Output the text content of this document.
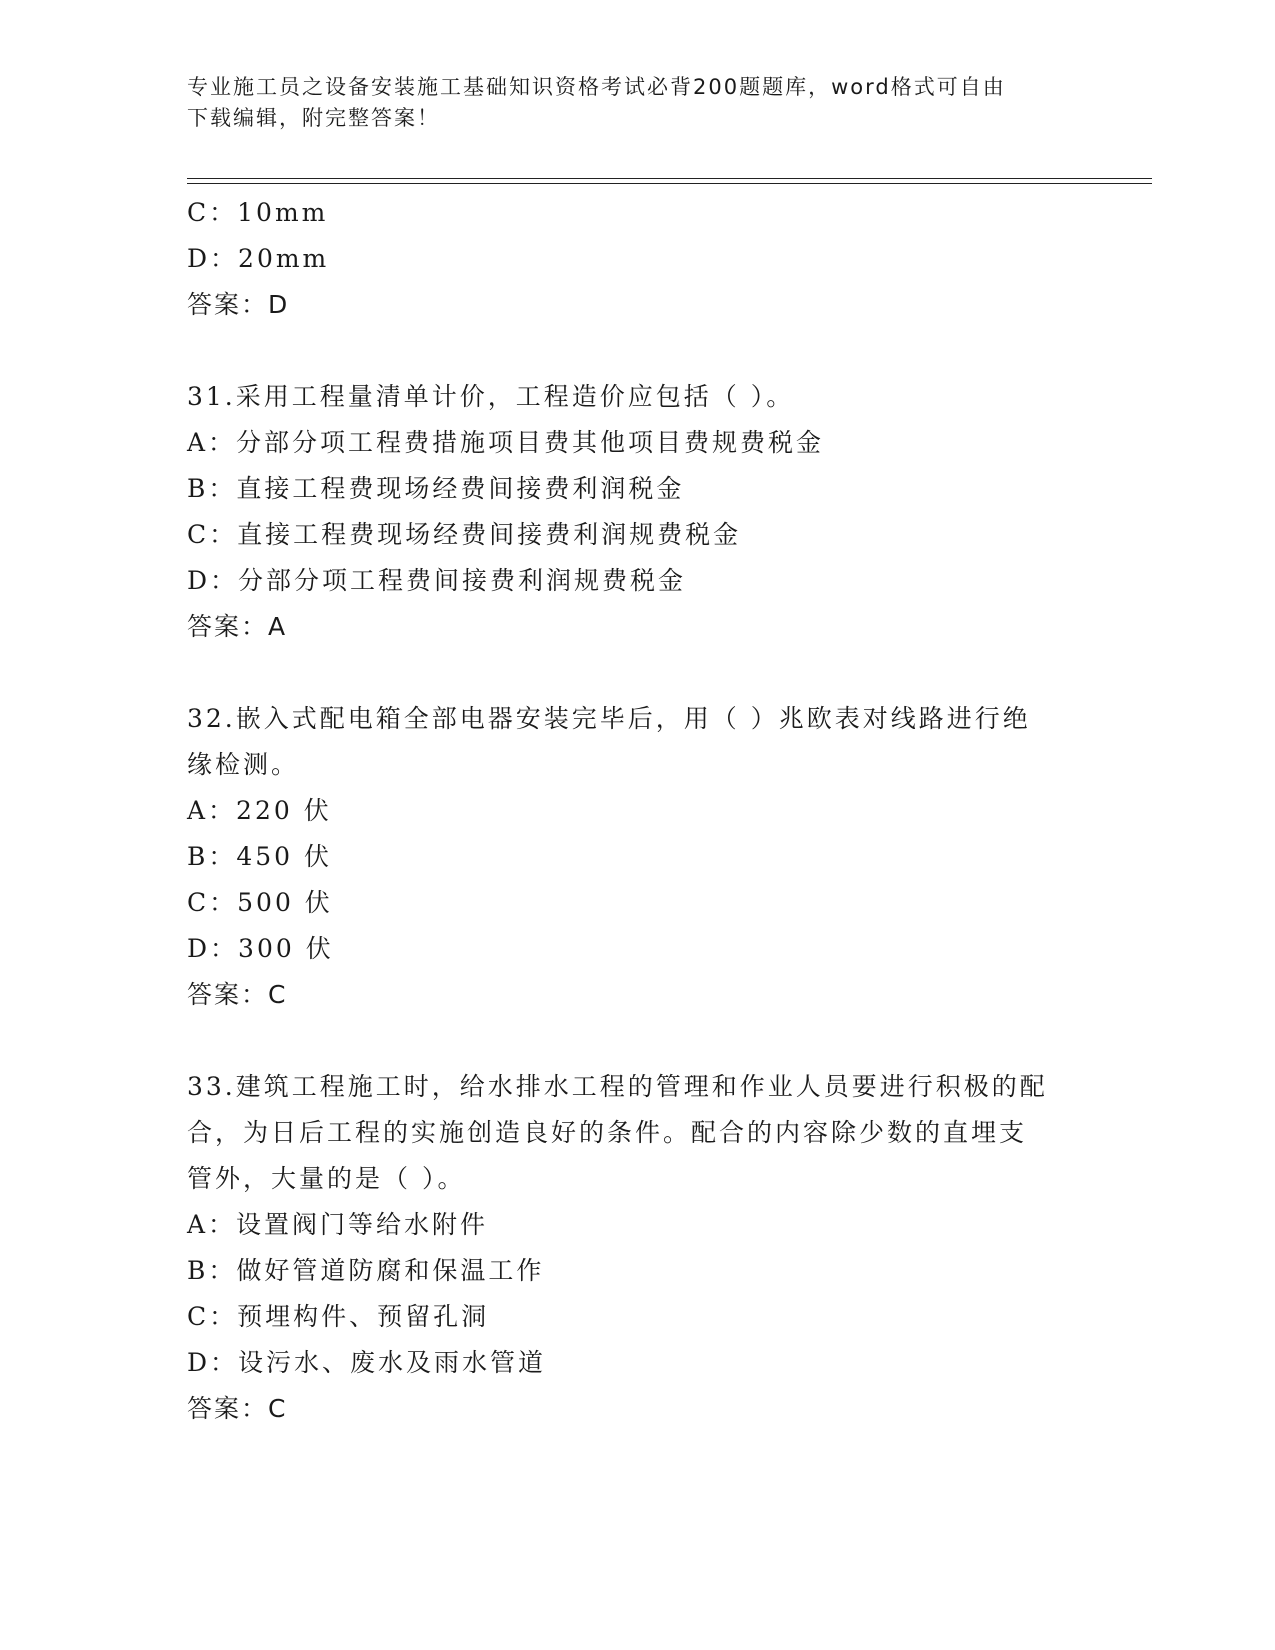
专业施工员之设备安装施工基础知识资格考试必背200题题库，word格式可自由
下载编辑，附完整答案！
C：10mm
D：20mm
答案：D
31.采用工程量清单计价，工程造价应包括（ ）。
A：分部分项工程费措施项目费其他项目费规费税金
B：直接工程费现场经费间接费利润税金
C：直接工程费现场经费间接费利润规费税金
D：分部分项工程费间接费利润规费税金
答案：A
32.嵌入式配电箱全部电器安装完毕后，用（ ）兆欧表对线路进行绝
缘检测。
A：220 伏
B：450 伏
C：500 伏
D：300 伏
答案：C
33.建筑工程施工时，给水排水工程的管理和作业人员要进行积极的配
合，为日后工程的实施创造良好的条件。配合的内容除少数的直埋支
管外，大量的是（ ）。
A：设置阀门等给水附件
B：做好管道防腐和保温工作
C：预埋构件、预留孔洞
D：设污水、废水及雨水管道
答案：C
